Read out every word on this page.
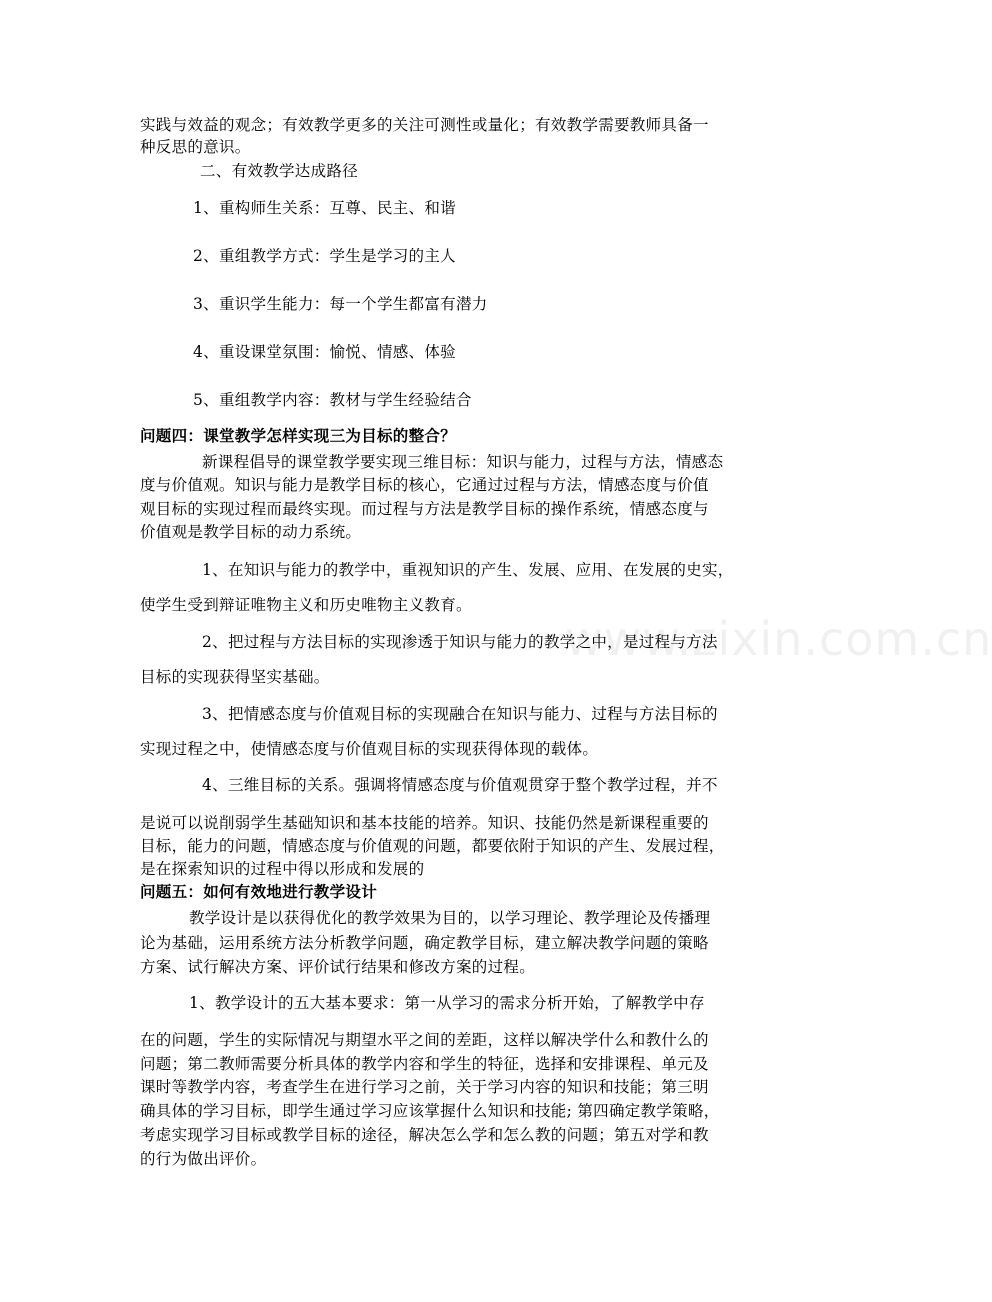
www.zixin.com.cn
实践与效益的观念；有效教学更多的关注可测性或量化；有效教学需要教师具备一
种反思的意识。
二、有效教学达成路径
1、重构师生关系：互尊、民主、和谐
2、重组教学方式：学生是学习的主人
3、重识学生能力：每一个学生都富有潜力
4、重设课堂氛围：愉悦、情感、体验
5、重组教学内容：教材与学生经验结合
问题四：课堂教学怎样实现三为目标的整合？
新课程倡导的课堂教学要实现三维目标：知识与能力，过程与方法，情感态
度与价值观。知识与能力是教学目标的核心，它通过过程与方法，情感态度与价值
观目标的实现过程而最终实现。而过程与方法是教学目标的操作系统，情感态度与
价值观是教学目标的动力系统。
1、在知识与能力的教学中，重视知识的产生、发展、应用、在发展的史实，
使学生受到辩证唯物主义和历史唯物主义教育。
2、把过程与方法目标的实现渗透于知识与能力的教学之中，是过程与方法
目标的实现获得坚实基础。
3、把情感态度与价值观目标的实现融合在知识与能力、过程与方法目标的
实现过程之中，使情感态度与价值观目标的实现获得体现的载体。
4、三维目标的关系。强调将情感态度与价值观贯穿于整个教学过程，并不
是说可以说削弱学生基础知识和基本技能的培养。知识、技能仍然是新课程重要的
目标，能力的问题，情感态度与价值观的问题，都要依附于知识的产生、发展过程，
是在探索知识的过程中得以形成和发展的
问题五：如何有效地进行教学设计
教学设计是以获得优化的教学效果为目的，以学习理论、教学理论及传播理
论为基础，运用系统方法分析教学问题，确定教学目标，建立解决教学问题的策略
方案、试行解决方案、评价试行结果和修改方案的过程。
1、教学设计的五大基本要求：第一从学习的需求分析开始，了解教学中存
在的问题，学生的实际情况与期望水平之间的差距，这样以解决学什么和教什么的
问题；第二教师需要分析具体的教学内容和学生的特征，选择和安排课程、单元及
课时等教学内容，考查学生在进行学习之前，关于学习内容的知识和技能；第三明
确具体的学习目标，即学生通过学习应该掌握什么知识和技能; 第四确定教学策略，
考虑实现学习目标或教学目标的途径，解决怎么学和怎么教的问题；第五对学和教
的行为做出评价。
